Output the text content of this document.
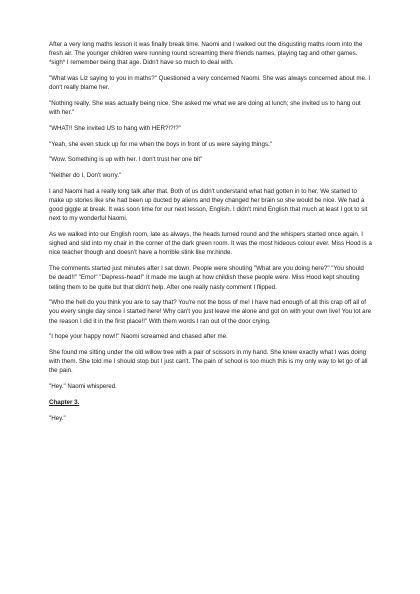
After a very long maths lesson it was finally break time. Naomi and I walked out the disgusting maths room into the fresh air. The younger children were running round screaming there friends names, playing tag and other games. *sigh* I remember being that age. Didn't have so much to deal with.

"What was Liz saying to you in maths?" Questioned a very concerned Naomi. She was always concerned about me. I don't really blame her.

"Nothing really. She was actually being nice. She asked me what we are doing at lunch; she invited us to hang out with her."

"WHAT!! She invited US to hang with HER?!?!?"

"Yeah, she even stuck up for me when the boys in front of us were saying things."

"Wow. Something is up with her. I don't trust her one bit"

"Neither do I, Don't worry."

I and Naomi had a really long talk after that. Both of us didn't understand what had gotten in to her. We started to make up stories like she had been up ducted by aliens and they changed her brain so she would be nice. We had a good giggle at break. It was soon time for our next lesson, English. I didn't mind English that much at least I got to sit next to my wonderful Naomi.

As we walked into our English room, late as always, the heads turned round and the whispers started once again. I sighed and slid into my chair in the corner of the dark green room. It was the most hideous colour ever. Miss Hood is a nice teacher though and doesn't have a horrible stink like mr.hinde.

The comments started just minutes after I sat down. People were shouting "What are you doing here?" "You should be dead!!" "Emo!" "Depress-head!" It made me laugh at how childish these people were. Miss Hood kept shouting telling them to be quite but that didn't help. After one really nasty comment I flipped.

"Who the hell do you think you are to say that? You're not the boss of me! I have had enough of all this crap off all of you every single day since I started here! Why can't you just leave me alone and got on with your own live! You lot are the reason I did it in the first place!!" With them words I ran out of the door crying.

"I hope your happy now!!" Naomi screamed and chased after me.

She found me sitting under the old willow tree with a pair of scissors in my hand. She knew exactly what I was doing with them. She told me I should stop but I just can't. The pain of school is too much this is my only way to let go of all the pain.

"Hey." Naomi whispered.

Chapter 3.

"Hey."
